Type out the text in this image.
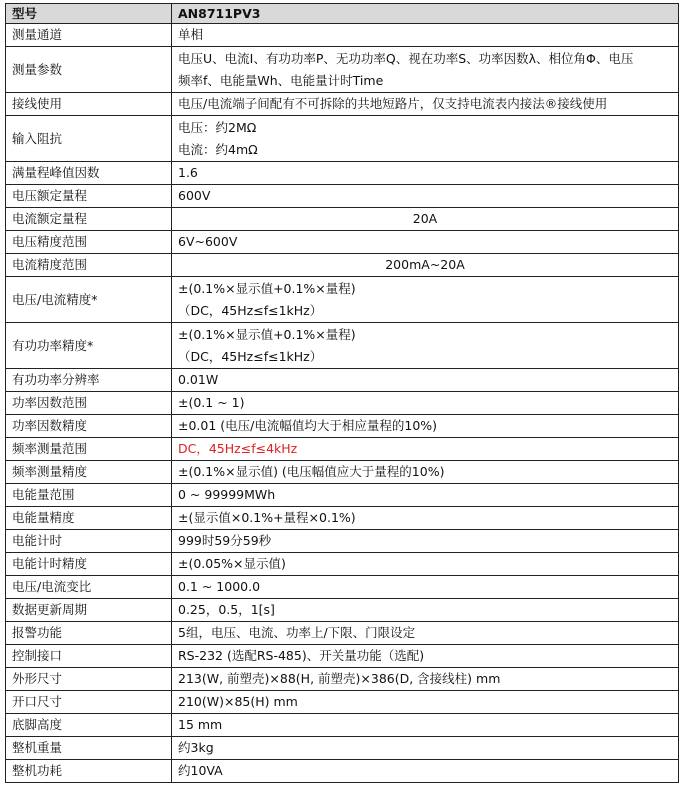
型号	AN8711PV3
测量通道	单相
测量参数	电压U、电流I、有功功率P、无功功率Q、视在功率S、功率因数λ、相位角Φ、电压
频率f、电能量Wh、电能量计时Time

接线使用	电压/电流端子间配有不可拆除的共地短路片，仅支持电流表内接法®接线使用
输入阻抗	电压：约2MΩ
电流：约4mΩ

满量程峰值因数	1.6
电压额定量程	600V
电流额定量程	20A
电压精度范围	6V~600V
电流精度范围	200mA~20A
电压/电流精度*	±(0.1%×显示值+0.1%×量程)
（DC，45Hz≤f≤1kHz）

有功功率精度*	±(0.1%×显示值+0.1%×量程)
（DC，45Hz≤f≤1kHz）

有功功率分辨率	0.01W
功率因数范围	±(0.1 ~ 1)
功率因数精度	±0.01 (电压/电流幅值均大于相应量程的10%)
频率测量范围	DC，45Hz≤f≤4kHz
频率测量精度	±(0.1%×显示值) (电压幅值应大于量程的10%)
电能量范围	0 ~ 99999MWh
电能量精度	±(显示值×0.1%+量程×0.1%)
电能计时	999时59分59秒
电能计时精度	±(0.05%×显示值)
电压/电流变比	0.1 ~ 1000.0
数据更新周期	0.25，0.5，1[s]
报警功能	5组，电压、电流、功率上/下限、门限设定
控制接口	RS-232 (选配RS-485)、开关量功能（选配)
外形尺寸	213(W, 前塑壳)×88(H, 前塑壳)×386(D, 含接线柱) mm
开口尺寸	210(W)×85(H) mm
底脚高度	15 mm
整机重量	约3kg
整机功耗	约10VA
